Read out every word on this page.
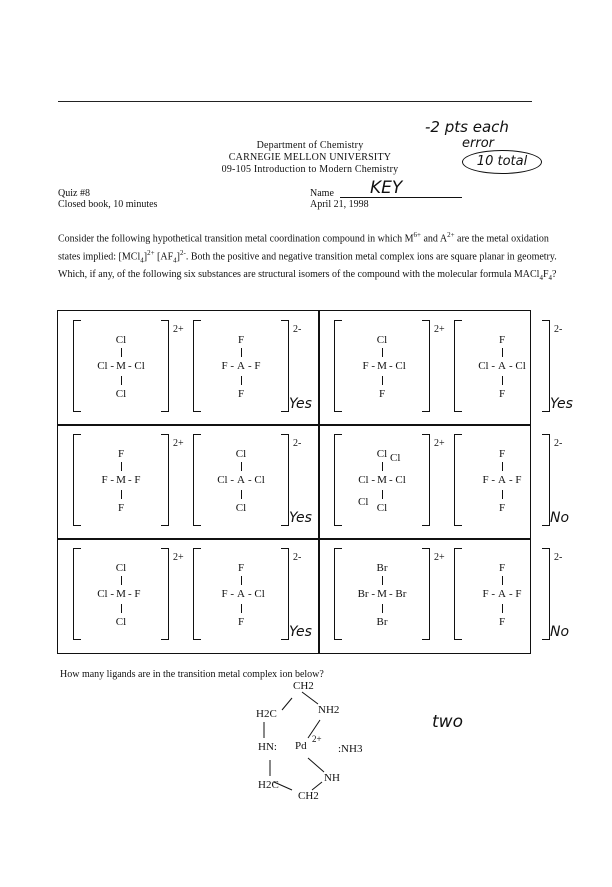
Department of Chemistry
CARNEGIE MELLON UNIVERSITY
09-105 Introduction to Modern Chemistry
-2 pts each
error
10 total
Quiz #8
Closed book, 10 minutes
Name KEY
April 21, 1998
Consider the following hypothetical transition metal coordination compound in which $M^{6+}$ and $A^{2+}$ are the metal oxidation states implied: $[MCl_4]^{2+}$ $[AF_4]^{2-}$. Both the positive and negative transition metal complex ions are square planar in geometry. Which, if any, of the following six substances are structural isomers of the compound with the molecular formula $MACl_4F_4$?
2+
Cl
Cl - M - Cl
Cl
2-
F
F - A - F
F
Yes
2+
Cl
F - M - Cl
F
2-
F
Cl - A - Cl
F
Yes
2+
F
F - M - F
F
2-
Cl
Cl - A - Cl
Cl
Yes
2+
Cl
Cl - M - Cl
Cl
Cl
Cl
2-
F
F - A - F
F
No
2+
Cl
Cl - M - F
Cl
2-
F
F - A - Cl
F
Yes
2+
Br
Br - M - Br
Br
2-
F
F - A - F
F
No
How many ligands are in the transition metal complex ion below?
two
CH2
H2C	NH2
HN: Pd
2+
:NH3
NH
H2C
CH2
